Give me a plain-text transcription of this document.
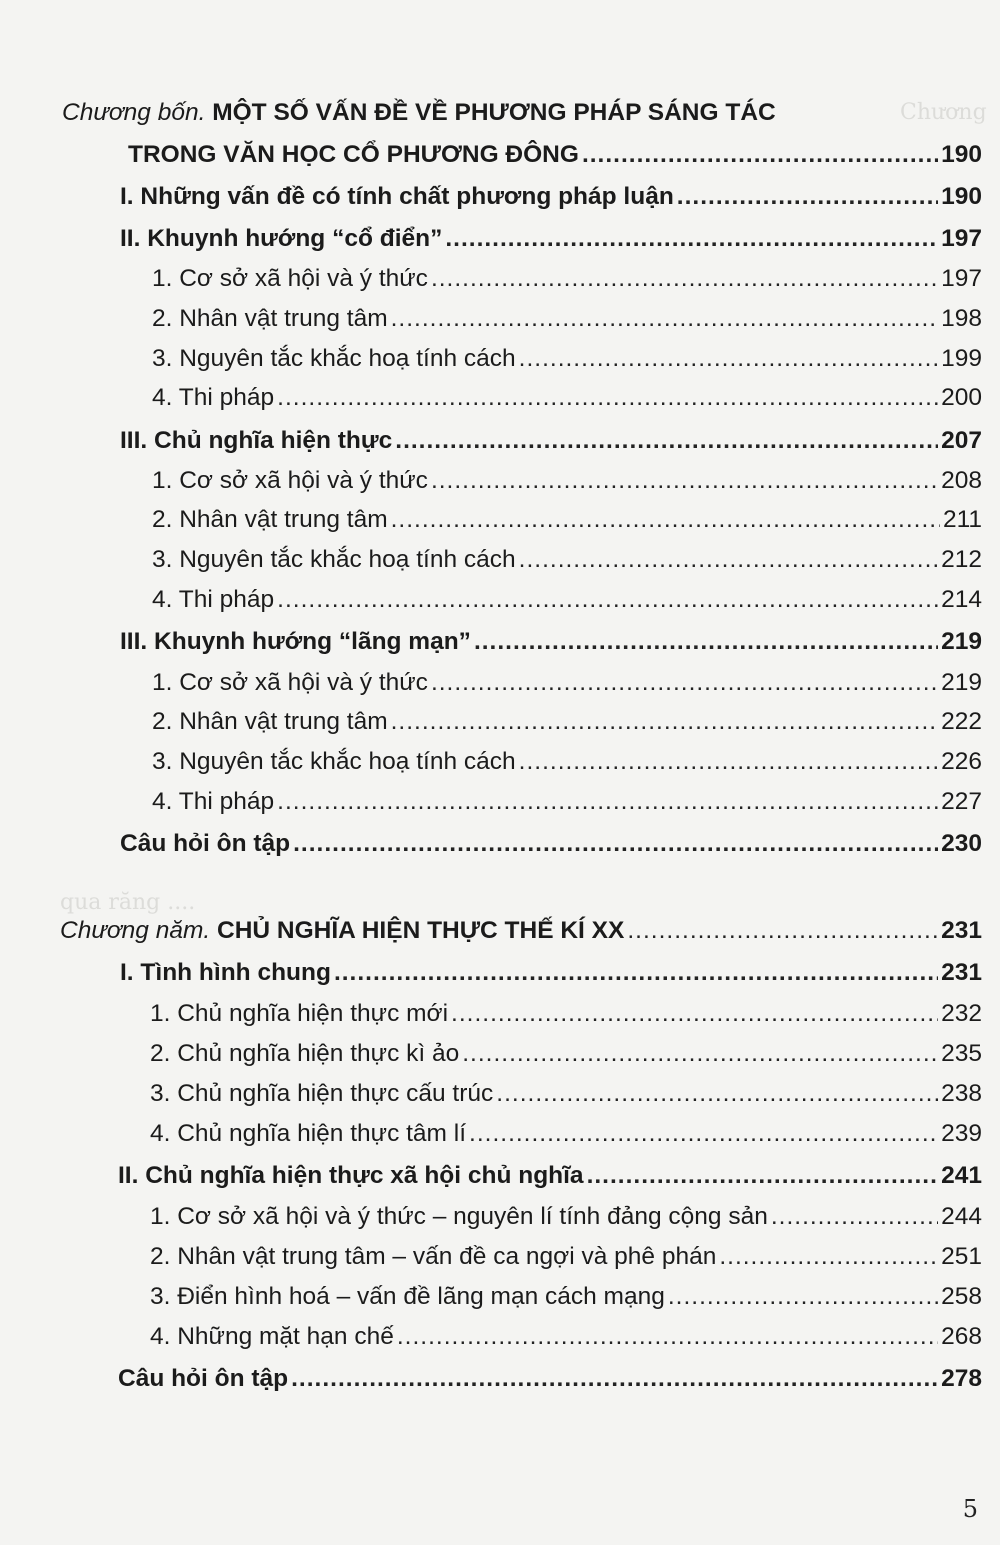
Chương
qua răng ....
Chương bốn. MỘT SỐ VẤN ĐỀ VỀ PHƯƠNG PHÁP SÁNG TÁC
TRONG VĂN HỌC CỔ PHƯƠNG ĐÔNG .....	190
I. Những vấn đề có tính chất phương pháp luận .....	190
II. Khuynh hướng “cổ điển” .....	197
1. Cơ sở xã hội và ý thức .....	197
2. Nhân vật trung tâm .....	198
3. Nguyên tắc khắc hoạ tính cách .....	199
4. Thi pháp .....	200
III. Chủ nghĩa hiện thực .....	207
1. Cơ sở xã hội và ý thức .....	208
2. Nhân vật trung tâm .....	211
3. Nguyên tắc khắc hoạ tính cách .....	212
4. Thi pháp .....	214
III. Khuynh hướng “lãng mạn” .....	219
1. Cơ sở xã hội và ý thức .....	219
2. Nhân vật trung tâm .....	222
3. Nguyên tắc khắc hoạ tính cách .....	226
4. Thi pháp .....	227
Câu hỏi ôn tập .....	230
Chương năm. CHỦ NGHĨA HIỆN THỰC THẾ KÍ XX .....	231
I. Tình hình chung .....	231
1. Chủ nghĩa hiện thực mới .....	232
2. Chủ nghĩa hiện thực kì ảo .....	235
3. Chủ nghĩa hiện thực cấu trúc .....	238
4. Chủ nghĩa hiện thực tâm lí .....	239
II. Chủ nghĩa hiện thực xã hội chủ nghĩa .....	241
1. Cơ sở xã hội và ý thức – nguyên lí tính đảng cộng sản .....	244
2. Nhân vật trung tâm – vấn đề ca ngợi và phê phán .....	251
3. Điển hình hoá – vấn đề lãng mạn cách mạng .....	258
4. Những mặt hạn chế .....	268
Câu hỏi ôn tập .....	278
5
